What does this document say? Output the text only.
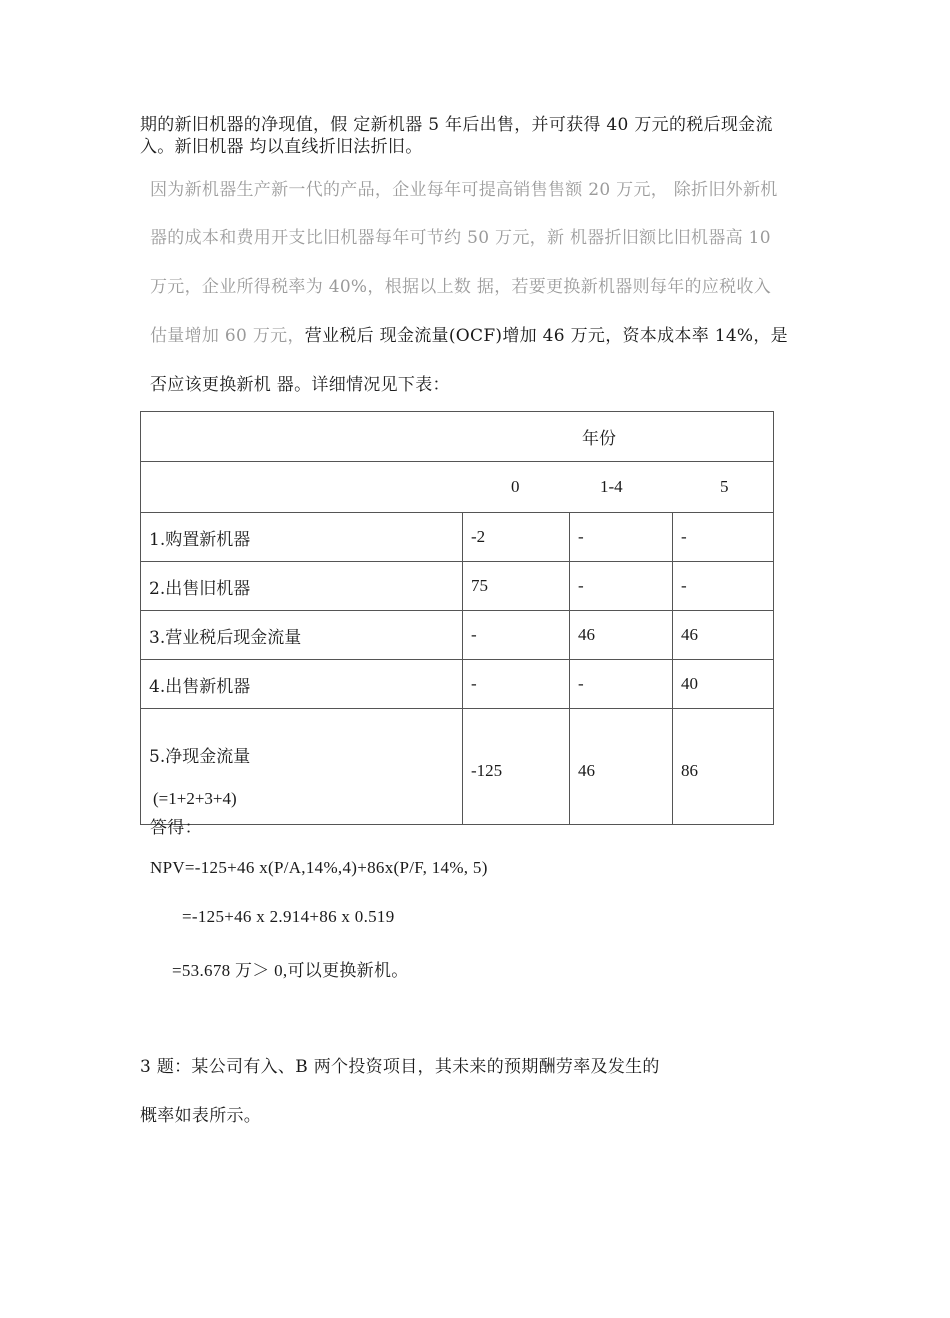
期的新旧机器的净现值，假 定新机器 5 年后出售，并可获得 40 万元的税后现金流
入。新旧机器 均以直线折旧法折旧。
因为新机器生产新一代的产品，企业每年可提高销售售额 20 万元， 除折旧外新机
器的成本和费用开支比旧机器每年可节约 50 万元，新 机器折旧额比旧机器高 10
万元，企业所得税率为 40%，根据以上数 据，若要更换新机器则每年的应税收入
估量增加 60 万元，营业税后 现金流量(OCF)增加 46 万元，资本成本率 14%，是
否应该更换新机 器。详细情况见下表：
年份			

0 1-4 5			

1.购置新机器	-2	-	-
2.出售旧机器	75	-	-
3.营业税后现金流量	-	46	46
4.出售新机器	-	-	40
5.净现金流量
(=1+2+3+4)	-125	46	86
答得：
NPV=-125+46 x(P/A,14%,4)+86x(P/F, 14%, 5)
=-125+46 x 2.914+86 x 0.519
=53.678 万＞ 0,可以更换新机。
3 题：某公司有入、B 两个投资项目，其未来的预期酬劳率及发生的
概率如表所示。
